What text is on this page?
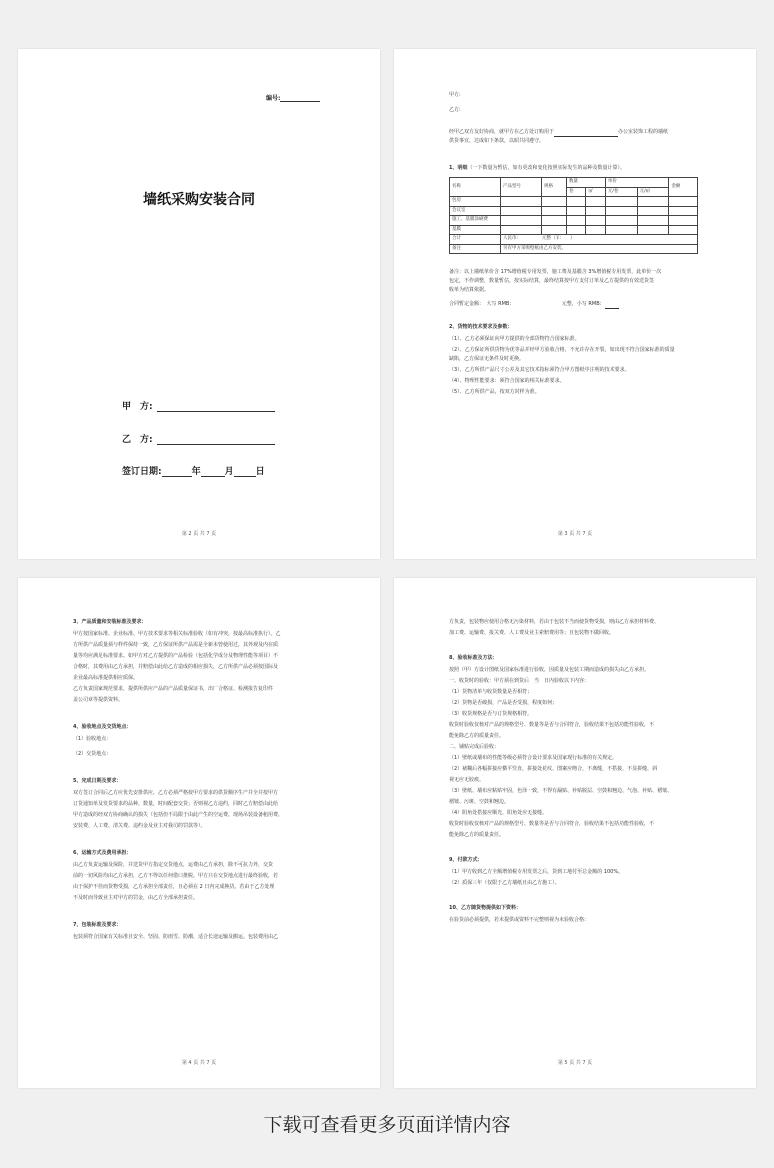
编号:
墙纸采购安装合同
甲　方:
乙　方:
签订日期:	年	月 日
第 2 页 共 7 页

甲方:

乙方:

经甲乙双方友好协商，就甲方在乙方处订购用于	办公室装饰工程的墙纸

供货事宜，达成如下条款，以昭共同遵守。

1、明细（一下数量为暂估，如有更改和变化按照实际发生的品种及数量计算）。

名称	产品型号	规格	数量		单价		金额
			卷	㎡	元/卷	元/㎡	
包房							
会议室							
施工、基膜涂刷费							
基膜							
合计	人民币: 元整（￥:　　）						
备注	另有甲方采购壁纸由乙方安装。						

备注：以上墙纸单价含 17%增值税专用发票，施工费及基膜含 3%增值税专用发票，此单价一次

包定，不作调整，数量暂估，按实际结算，最终结算按甲方支付订单及乙方提供的有效送货签

收单为结算依据。

合同暂定金额：　大写 RMB：　　　　　　　　　　元整，小写 RMB：

2、货物的技术要求及参数：

（1）、乙方必须保证向甲方提供的全部货物符合国家标准。

（2）、乙方保证所供货物为优等品并经甲方验收合格，不允许存在开裂，如出现不符合国家标准的质量

缺陷，乙方保证无条件及时更换。

（3）、乙方所供产品尺寸公差及其它技术指标须符合甲方图纸中注明的技术要求。

（4）、物理性能要求：须符合国家的相关标准要求。

（5）、乙方所供产品，按双方封样为准。

第 3 页 共 7 页

3、产品质量和安装标准及要求：

甲方按国家标准、企业标准、甲方技术要求等相关标准验收（如有冲突，按最高标准执行）。乙

方所供产品质量须与样件保持一致，乙方保证所供产品需是全新未曾使用过，其外观及内在质

量等均应满足标准要求。如甲方对乙方提供的产品检验（包括化学成分及物理性能等项目）不

合格时，其费用由乙方承担，并赔偿由此给乙方造成的相应损失，乙方所供产品必须按国际及

企业最高标准提供相应质保。

乙方负责国家规范要求，提供所供应产品的产品质量保证书，出厂合格证、检测报告复印件

盖公司章等提供资料。

4、验收地点及交货地点：

（1）验收地点：

（2）交货地点：

5、完成日期及要求：

双方签订合同后乙方应优先安排供应，乙方必须严格按甲方要求的供货顺序生产并全并按甲方

订货通知单及发货要求的品种、数量，时间配套交货；否则视乙方违约，同时乙方赔偿由此给

甲方造成的经双方协商确认的损失（包括但不局限于由此产生的空运费、现场吊装设备租用费、

安装费、人工费、清关费、违约金及业主对我司的罚款等）。

6、运输方式及费用承担：

由乙方负责运输及保险，并送货甲方指定交货地点，运费由乙方承担，除不可抗力外，交货

前的一切风险均由乙方承担，乙方不得以任何借口推脱。甲方只在交货地点进行最终验收，若

由于保护不佳而货物受损，乙方承担全部责任，且必须在 2 日内完成换货。若由于乙方处理

不及时而导致业主对甲方的罚金，由乙方全部承担责任。

7、包装标准及要求：

包装须符合国家有关标准且安全、坚固、防雨雪、防潮、适合长途运输及搬运。包装费用由乙

第 4 页 共 7 页

方负责，包装物应使用合格无污染材料，若由于包装不当而使货物受损，则由乙方承担材料费、

加工费、运输费、报关费、人工费及业主索赔费用等；且包装物不做回收。

8、验收标准及方法：

按照（甲）方设计图纸及国家标准进行验收，因质量及包装工期而造成的损失由乙方承担。

一、收货时的验收：甲方须在到货后　当　日内验收以下内容：

（1）货物清单与收货数量是否相符；

（2）货物是否破损，产品是否受损，程度如何；

（3）收货规格是否与订货规格相符。

收货时验收仅核对产品的规格型号、数量等是否与合同符合，验收结果不包括功能性验收，不

能免除乙方的质量责任。

二、铺贴完成后验收：

（1）壁纸或墙布的性能等级必须符合设计要求及国家现行标准的有关规定。

（2）裱糊后各幅拼接应横平竖直，拼接处花纹、图案应吻合，不离缝，不搭接，不显拼缝，斜

视无应无胶痕。

（3）壁纸、墙布应粘贴牢固，色泽一致，不得有漏贴、补贴脱层、空鼓和翘边、气泡、补贴、褶皱、

褶皱、污斑、空鼓和翘边。

（4）阴角处搭接应顺光，阳角处应无接缝。

收货时验收仅核对产品的规格型号、数量等是否与合同符合，验收结果不包括功能性验收，不

能免除乙方的质量责任。

9、付款方式：

（1）甲方收到乙方全额增值税专用发票之后，货到工地付至总金额的 100%。

（2）质保三年（仅限于乙方墙纸且由乙方施工）。

10、乙方随货物提供如下资料：

在验货前必须提供，若未提供或资料不完整则视为未验收合格：

第 5 页 共 7 页
下载可查看更多页面详情内容
